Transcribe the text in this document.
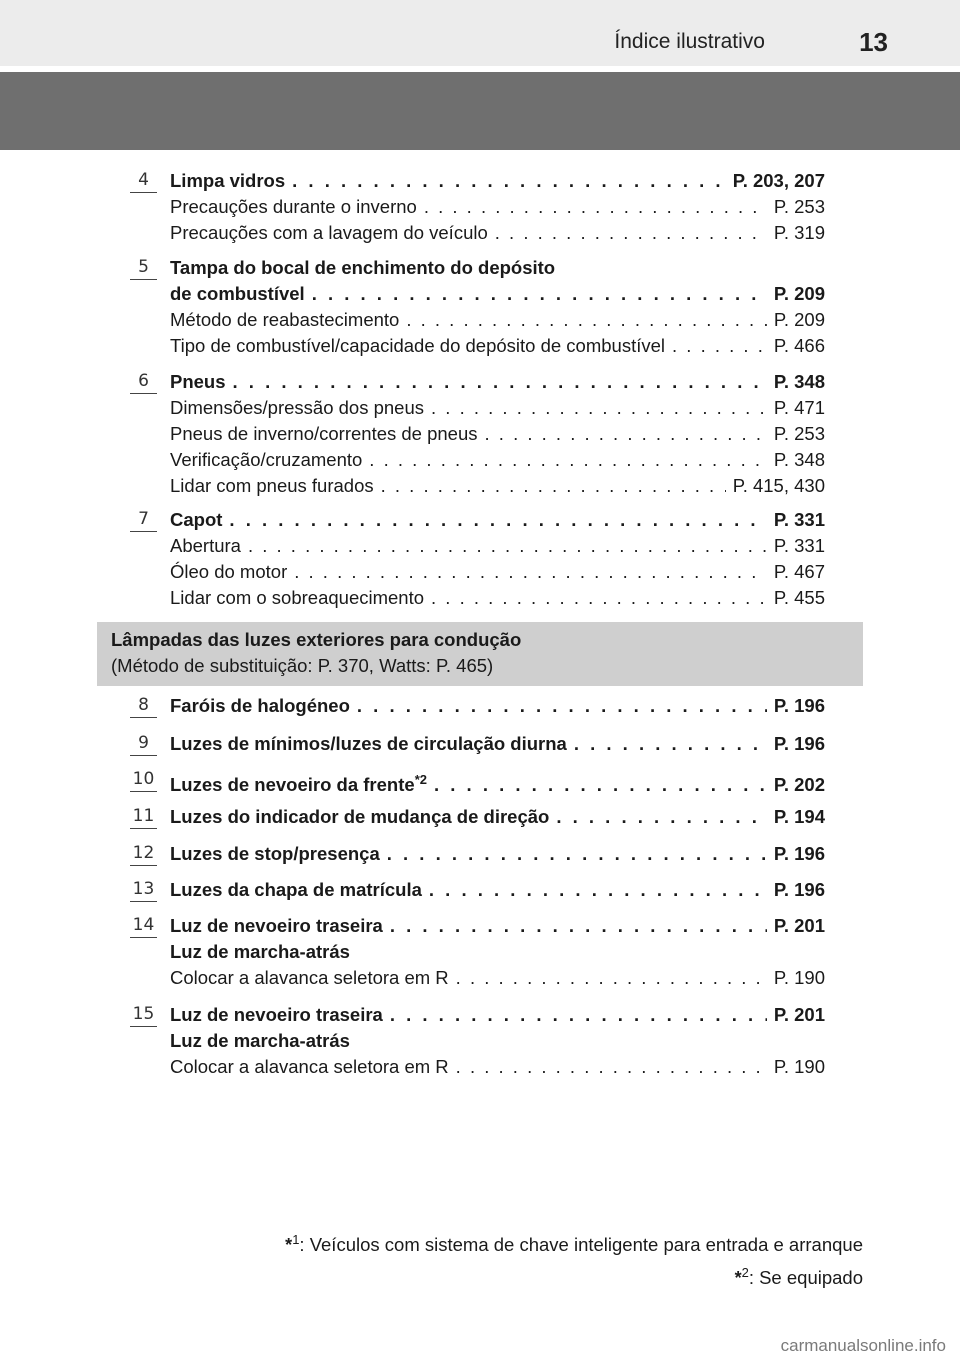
Índice ilustrativo	13
4 Limpa vidros . . .	P. 203, 207
Precauções durante o inverno . . .	P. 253
Precauções com a lavagem do veículo . . .	P. 319
5 Tampa do bocal de enchimento do depósito
de combustível . . .	P. 209
Método de reabastecimento . . .	P. 209
Tipo de combustível/capacidade do depósito de combustível . . .	P. 466
6 Pneus . . .	P. 348
Dimensões/pressão dos pneus . . .	P. 471
Pneus de inverno/correntes de pneus . . .	P. 253
Verificação/cruzamento . . .	P. 348
Lidar com pneus furados . . .	P. 415, 430
7 Capot . . .	P. 331
Abertura . . .	P. 331
Óleo do motor . . .	P. 467
Lidar com o sobreaquecimento . . .	P. 455
8 Faróis de halogéneo . . .	P. 196
9 Luzes de mínimos/luzes de circulação diurna . . .	P. 196
10 Luzes de nevoeiro da frente$^{*2}$ . . .	P. 202
11 Luzes do indicador de mudança de direção . . .	P. 194
12 Luzes de stop/presença . . .	P. 196
13 Luzes da chapa de matrícula . . .	P. 196
14 Luz de nevoeiro traseira . . .	P. 201
Luz de marcha-atrás
Colocar a alavanca seletora em R . . .	P. 190
15 Luz de nevoeiro traseira . . .	P. 201
Luz de marcha-atrás
Colocar a alavanca seletora em R . . .	P. 190
Lâmpadas das luzes exteriores para condução
(Método de substituição: P. 370, Watts: P. 465)
*$^1$: Veículos com sistema de chave inteligente para entrada e arranque
*$^2$: Se equipado
carmanualsonline.info
